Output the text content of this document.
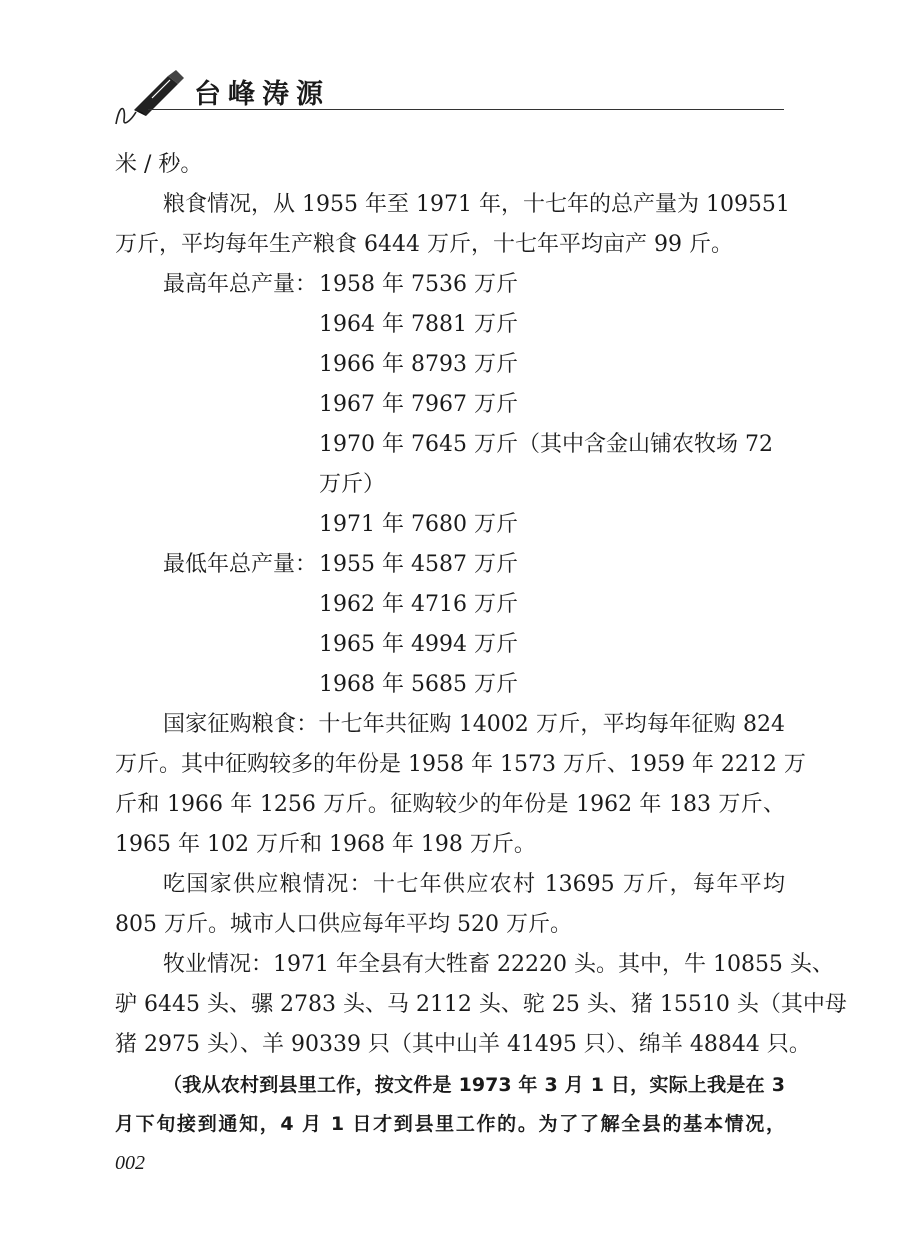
台峰涛源
米 / 秒。
粮食情况，从 1955 年至 1971 年，十七年的总产量为 109551
万斤，平均每年生产粮食 6444 万斤，十七年平均亩产 99 斤。
最高年总产量：1958 年 7536 万斤
1964 年 7881 万斤
1966 年 8793 万斤
1967 年 7967 万斤
1970 年 7645 万斤（其中含金山铺农牧场 72
万斤）
1971 年 7680 万斤
最低年总产量：1955 年 4587 万斤
1962 年 4716 万斤
1965 年 4994 万斤
1968 年 5685 万斤
国家征购粮食：十七年共征购 14002 万斤，平均每年征购 824
万斤。其中征购较多的年份是 1958 年 1573 万斤、1959 年 2212 万
斤和 1966 年 1256 万斤。征购较少的年份是 1962 年 183 万斤、
1965 年 102 万斤和 1968 年 198 万斤。
吃国家供应粮情况：十七年供应农村 13695 万斤，每年平均
805 万斤。城市人口供应每年平均 520 万斤。
牧业情况：1971 年全县有大牲畜 22220 头。其中，牛 10855 头、
驴 6445 头、骡 2783 头、马 2112 头、驼 25 头、猪 15510 头（其中母
猪 2975 头）、羊 90339 只（其中山羊 41495 只）、绵羊 48844 只。
（我从农村到县里工作，按文件是 1973 年 3 月 1 日，实际上我是在 3
月下旬接到通知，4 月 1 日才到县里工作的。为了了解全县的基本情况，
002
